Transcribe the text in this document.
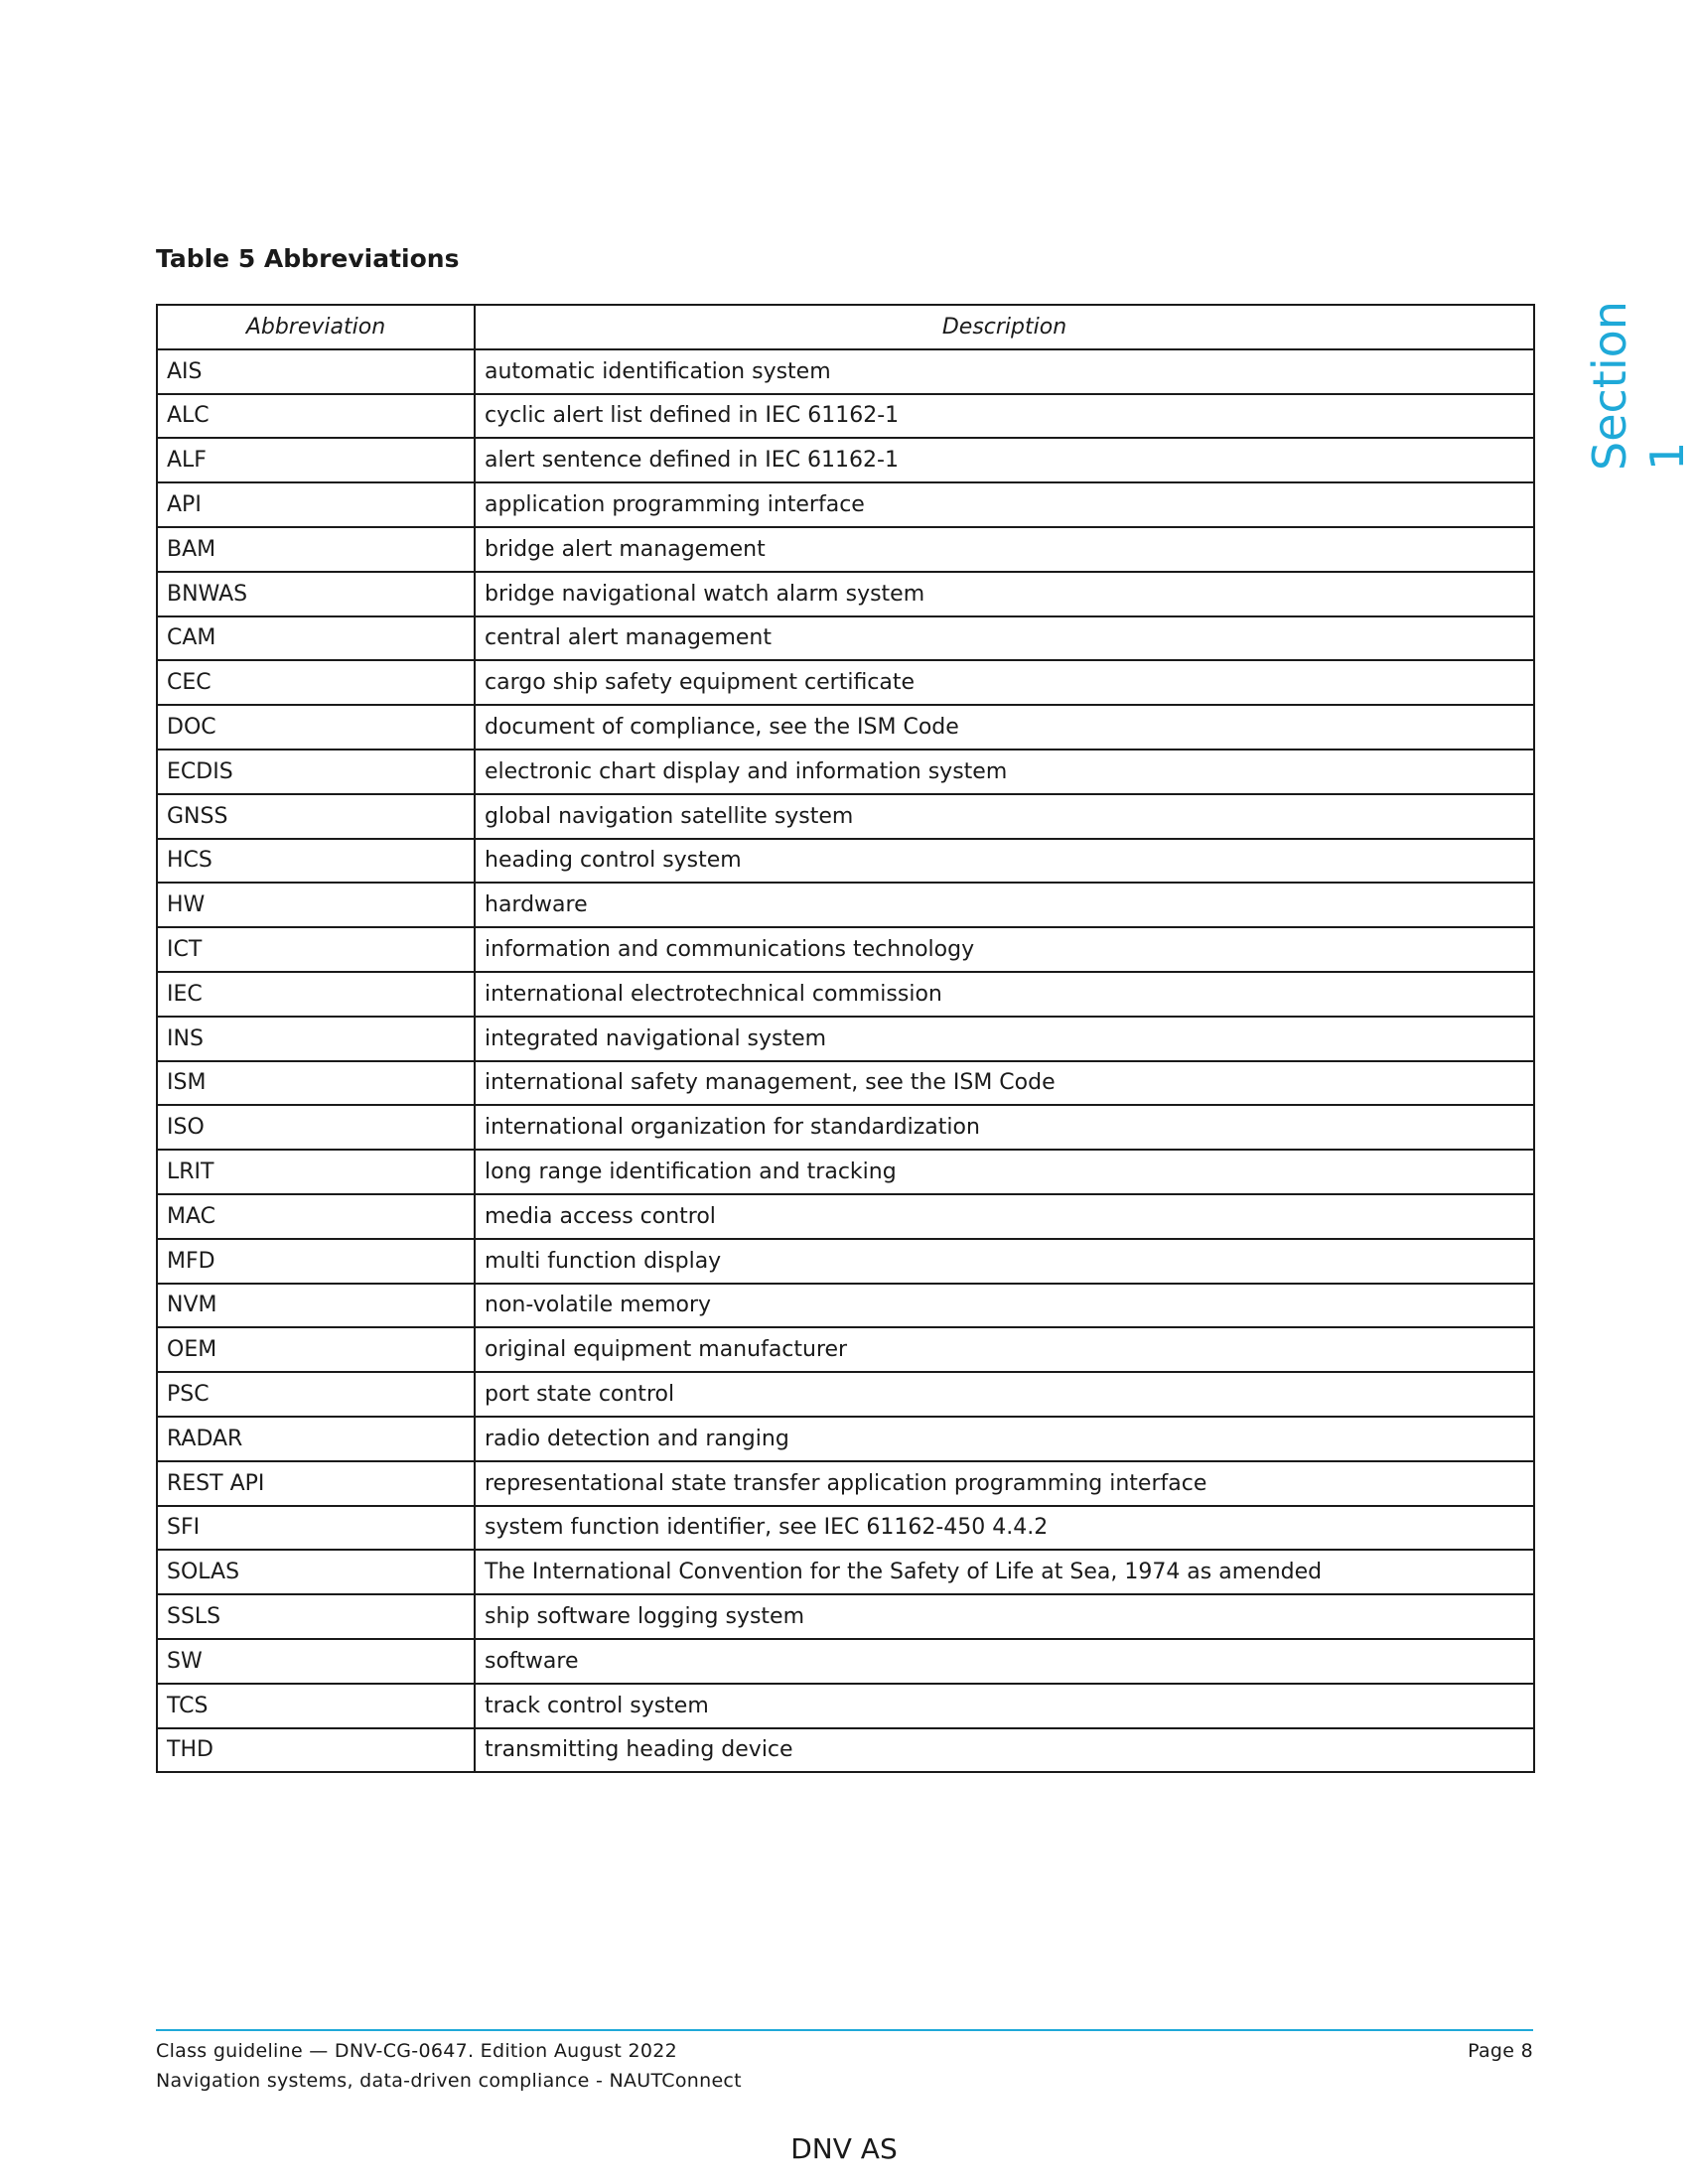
Table 5 Abbreviations
Section 1
Abbreviation	Description
AIS	automatic identification system
ALC	cyclic alert list defined in IEC 61162-1
ALF	alert sentence defined in IEC 61162-1
API	application programming interface
BAM	bridge alert management
BNWAS	bridge navigational watch alarm system
CAM	central alert management
CEC	cargo ship safety equipment certificate
DOC	document of compliance, see the ISM Code
ECDIS	electronic chart display and information system
GNSS	global navigation satellite system
HCS	heading control system
HW	hardware
ICT	information and communications technology
IEC	international electrotechnical commission
INS	integrated navigational system
ISM	international safety management, see the ISM Code
ISO	international organization for standardization
LRIT	long range identification and tracking
MAC	media access control
MFD	multi function display
NVM	non-volatile memory
OEM	original equipment manufacturer
PSC	port state control
RADAR	radio detection and ranging
REST API	representational state transfer application programming interface
SFI	system function identifier, see IEC 61162-450 4.4.2
SOLAS	The International Convention for the Safety of Life at Sea, 1974 as amended
SSLS	ship software logging system
SW	software
TCS	track control system
THD	transmitting heading device
Class guideline — DNV-CG-0647. Edition August 2022
Navigation systems, data-driven compliance - NAUTConnect
Page 8
DNV AS
